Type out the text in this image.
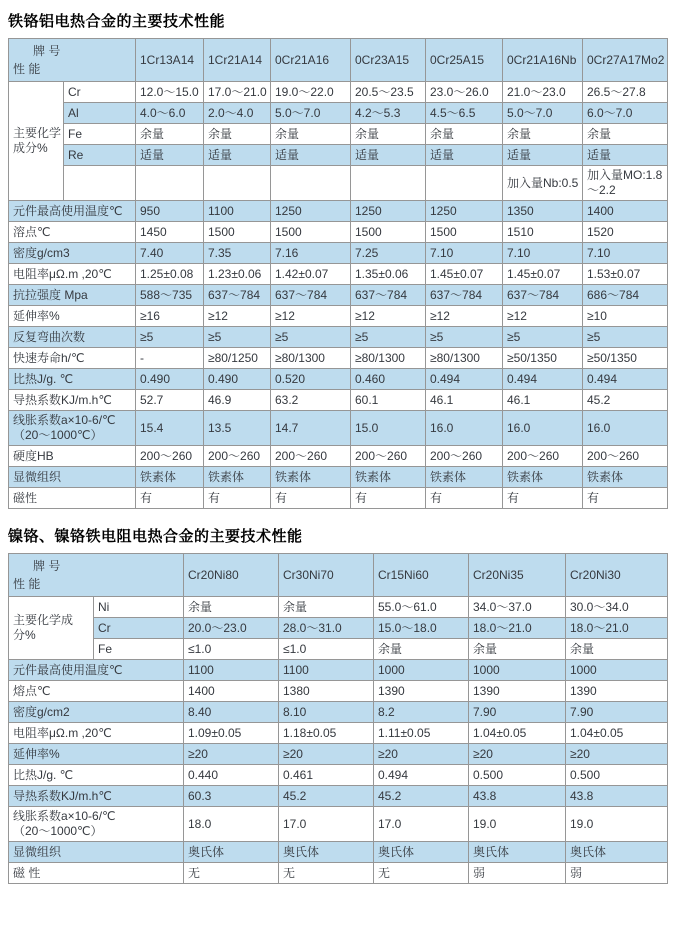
铁铬铝电热合金的主要技术性能
牌 号
性 能		1Cr13A14	1Cr21A14	0Cr21A16	0Cr23A15	0Cr25A15	0Cr21A16Nb	0Cr27A17Mo2
主要化学
成分%	Cr	12.0～15.0	17.0～21.0	19.0～22.0	20.5～23.5	23.0～26.0	21.0～23.0	26.5～27.8
	Al	4.0～6.0	2.0～4.0	5.0～7.0	4.2～5.3	4.5～6.5	5.0～7.0	6.0～7.0
	Fe	余量	余量	余量	余量	余量	余量	余量
	Re	适量	适量	适量	适量	适量	适量	适量
							加入量Nb:0.5	加入量MO:1.8～2.2
元件最高使用温度℃		950	1100	1250	1250	1250	1350	1400
溶点℃		1450	1500	1500	1500	1500	1510	1520
密度g/cm3		7.40	7.35	7.16	7.25	7.10	7.10	7.10
电阻率μΩ.m ,20℃		1.25±0.08	1.23±0.06	1.42±0.07	1.35±0.06	1.45±0.07	1.45±0.07	1.53±0.07
抗拉强度 Mpa		588～735	637～784	637～784	637～784	637～784	637～784	686～784
延伸率%		≥16	≥12	≥12	≥12	≥12	≥12	≥10
反复弯曲次数		≥5	≥5	≥5	≥5	≥5	≥5	≥5
快速寿命h/℃		-	≥80/1250	≥80/1300	≥80/1300	≥80/1300	≥50/1350	≥50/1350
比热J/g. ℃		0.490	0.490	0.520	0.460	0.494	0.494	0.494
导热系数KJ/m.h℃		52.7	46.9	63.2	60.1	46.1	46.1	45.2
线胀系数a×10-6/℃
（20～1000℃）		15.4	13.5	14.7	15.0	16.0	16.0	16.0
硬度HB		200～260	200～260	200～260	200～260	200～260	200～260	200～260
显微组织		铁素体	铁素体	铁素体	铁素体	铁素体	铁素体	铁素体
磁性		有	有	有	有	有	有	有
镍铬、镍铬铁电阻电热合金的主要技术性能
牌 号
性 能		Cr20Ni80	Cr30Ni70	Cr15Ni60	Cr20Ni35	Cr20Ni30
主要化学成
分%	Ni	余量	余量	55.0～61.0	34.0～37.0	30.0～34.0
	Cr	20.0～23.0	28.0～31.0	15.0～18.0	18.0～21.0	18.0～21.0
	Fe	≤1.0	≤1.0	余量	余量	余量
元件最高使用温度℃		1100	1100	1000	1000	1000
熔点℃		1400	1380	1390	1390	1390
密度g/cm2		8.40	8.10	8.2	7.90	7.90
电阻率μΩ.m ,20℃		1.09±0.05	1.18±0.05	1.11±0.05	1.04±0.05	1.04±0.05
延伸率%		≥20	≥20	≥20	≥20	≥20
比热J/g. ℃		0.440	0.461	0.494	0.500	0.500
导热系数KJ/m.h℃		60.3	45.2	45.2	43.8	43.8
线胀系数a×10-6/℃
（20～1000℃）		18.0	17.0	17.0	19.0	19.0
显微组织		奥氏体	奥氏体	奥氏体	奥氏体	奥氏体
磁 性		无	无	无	弱	弱
